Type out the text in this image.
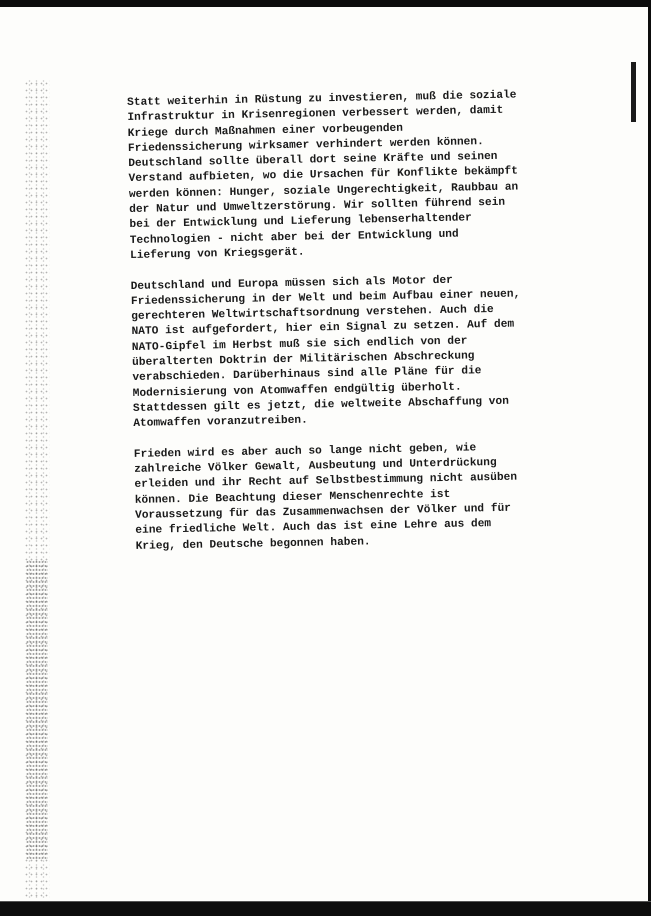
Statt weiterhin in Rüstung zu investieren, muß die soziale
Infrastruktur in Krisenregionen verbessert werden, damit
Kriege durch Maßnahmen einer vorbeugenden
Friedenssicherung wirksamer verhindert werden können.
Deutschland sollte überall dort seine Kräfte und seinen
Verstand aufbieten, wo die Ursachen für Konflikte bekämpft
werden können: Hunger, soziale Ungerechtigkeit, Raubbau an
der Natur und Umweltzerstörung. Wir sollten führend sein
bei der Entwicklung und Lieferung lebenserhaltender
Technologien - nicht aber bei der Entwicklung und
Lieferung von Kriegsgerät.

Deutschland und Europa müssen sich als Motor der
Friedenssicherung in der Welt und beim Aufbau einer neuen,
gerechteren Weltwirtschaftsordnung verstehen. Auch die
NATO ist aufgefordert, hier ein Signal zu setzen. Auf dem
NATO-Gipfel im Herbst muß sie sich endlich von der
überalterten Doktrin der Militärischen Abschreckung
verabschieden. Darüberhinaus sind alle Pläne für die
Modernisierung von Atomwaffen endgültig überholt.
Stattdessen gilt es jetzt, die weltweite Abschaffung von
Atomwaffen voranzutreiben.

Frieden wird es aber auch so lange nicht geben, wie
zahlreiche Völker Gewalt, Ausbeutung und Unterdrückung
erleiden und ihr Recht auf Selbstbestimmung nicht ausüben
können. Die Beachtung dieser Menschenrechte ist
Voraussetzung für das Zusammenwachsen der Völker und für
eine friedliche Welt. Auch das ist eine Lehre aus dem
Krieg, den Deutsche begonnen haben.
